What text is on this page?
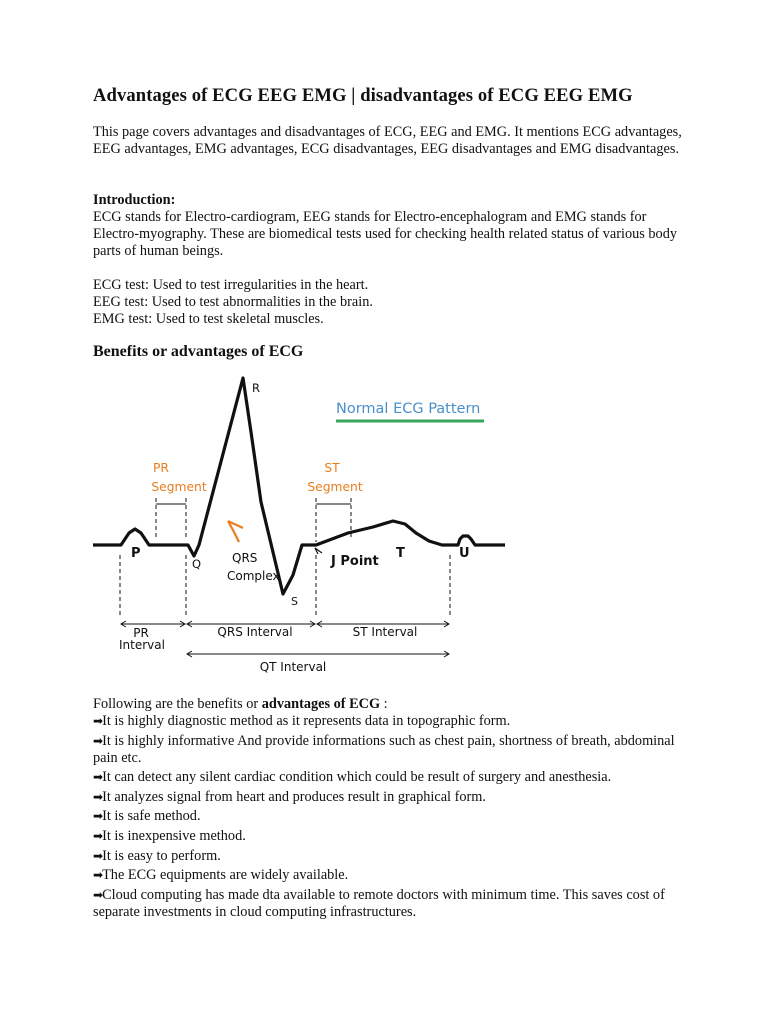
Advantages of ECG EEG EMG | disadvantages of ECG EEG EMG

This page covers advantages and disadvantages of ECG, EEG and EMG. It mentions ECG advantages, EEG advantages, EMG advantages, ECG disadvantages, EEG disadvantages and EMG disadvantages.

Introduction:

ECG stands for Electro-cardiogram, EEG stands for Electro-encephalogram and EMG stands for Electro-myography. These are biomedical tests used for checking health related status of various body parts of human beings.

ECG test: Used to test irregularities in the heart.
EEG test: Used to test abnormalities in the brain.
EMG test: Used to test skeletal muscles.
Benefits or advantages of ECG
Normal ECG Pattern
PR
Segment
ST
Segment
R
P
Q
S
T	U
QRS
Complex
J Point
PR
Interval
QRS Interval	ST Interval
QT Interval

Following are the benefits or advantages of ECG :

➡It is highly diagnostic method as it represents data in topographic form.
➡It is highly informative And provide informations such as chest pain, shortness of breath, abdominal pain etc.
➡It can detect any silent cardiac condition which could be result of surgery and anesthesia.
➡It analyzes signal from heart and produces result in graphical form.
➡It is safe method.
➡It is inexpensive method.
➡It is easy to perform.
➡The ECG equipments are widely available.
➡Cloud computing has made dta available to remote doctors with minimum time. This saves cost of separate investments in cloud computing infrastructures.
